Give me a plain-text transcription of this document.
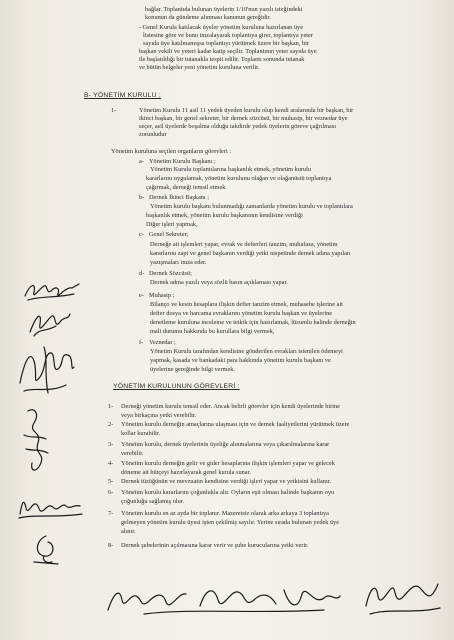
bağlar. Toplantıda bulunan üyelerin 1/10'nun yazılı isteğindeki
konunun da gündeme alınması kanunun gereğidir.
- Genel Kurula katılacak üyeler yönetim kuruluna hazırlanan üye
listesine göre ve bunu imzalayarak toplantıya girer, toplantıya yeter
sayıda üye katılmamışsa toplantıyı yürütmek üzere bir başkan, bir
başkan vekili ve yeteri kadar katip seçilir. Toplantının yeter sayıda üye
ile başlatıldığı bir tutanakla tespit edilir. Toplantı sonunda tutanak
ve bütün belgeler yeni yönetim kuruluna verilir.
B- YÖNETİM KURULU ;
1-	Yönetim Kurulu 11 asil 11 yedek üyeden kurulu olup kendi aralarında bir başkan, bir
ikinci başkan, bir genel sekreter, bir dernek sözcüsü, bir muhasip, bir veznedar üye
seçer, asil üyelerde boşalma olduğu takdirde yedek üyelerin göreve çağrılması
zorunludur
Yönetim kuruluna seçilen organların görevleri :
a- Yönetim Kurulu Başkanı ;
Yönetim Kurulu toplantılarına başkanlık etmek, yönetim kurulu
kararlarını uygulamak, yönetim kurulunu olağan ve olağanüstü toplantıya
çağırmak, derneği temsil etmek
b- Dernek İkinci Başkanı ;
Yönetim kurulu başkanı bulunmadığı zamanlarda yönetim kurulu ve toplantılara
başkanlık etmek, yönetim kurulu başkanının kendisine verdiği
Diğer işleri yapmak,
c- Genel Sekreter;
Derneğe ait işlemleri yapar, evrak ve defterleri tanzim, muhafaza, yönetim
kararlarını zapt ve genel başkanın verdiği yetki nispetinde dernek adına yapılan
yazışmaları imza eder.
d- Dernek Sözcüsü;
Dernek adına yazılı veya sözlü basın açıklaması yapar.
e- Muhasip ;
Bilanço ve kesin hesaplara ilişkin defter tanzim etmek, muhasebe işlerine ait
defter dosya ve harcama evraklarını yönetim kurulu başkan ve üyelerine
denetleme kuruluna inceleme ve tetkik için hazırlamak, lüzumlu halinde derneğin
mali durumu hakkında bu kurullara bilgi vermek,
f- Veznedar ;
Yönetim Kurulu tarafından kendisine gönderilen evrakları istenilen ödemeyi
yapmak, kasada ve bankadaki para hakkında yönetim kurulu başkanı ve
üyelerine gereğinde bilgi vermek.
YÖNETİM KURULUNUN GÖREVLERİ :
1- Derneği yönetim kurulu temsil eder. Ancak belirli görevler için kendi üyelerinde birine
veya birkaçına yetki verebilir.
2- Yönetim kurulu derneğin amaçlarına ulaşması için ve dernek faaliyetlerini yürütmek üzere
kollar kurabilir.
3- Yönetim kurulu, dernek üyelerinin üyeliğe alınmalarına veya çıkarılmalarına karar
verebilir.
4- Yönetim kurulu derneğin gelir ve gider hesaplarına ilişkin işlemleri yapar ve gelecek
döneme ait bütçeyi hazırlayarak genel kurula sunar.
5- Dernek tüzüğünün ve mevzuatın kendisine verdiği işleri yapar ve yetkisini kullanır.
6- Yönetim kurulu kararlarını çoğunlukla alır. Oyların eşit olması halinde başkanın oyu
çoğunluğu sağlamış olur.
7- Yönetim kurulu en az ayda bir toplanır. Mazeretsiz olarak arka arkaya 3 toplantıya
gelmeyen yönetim kurulu üyesi işten çekilmiş sayılır. Yerine sırada bulunan yedek üye
alınır.
8- Dernek şubelerinin açılmasına karar verir ve şube kurucularına yetki verir.
